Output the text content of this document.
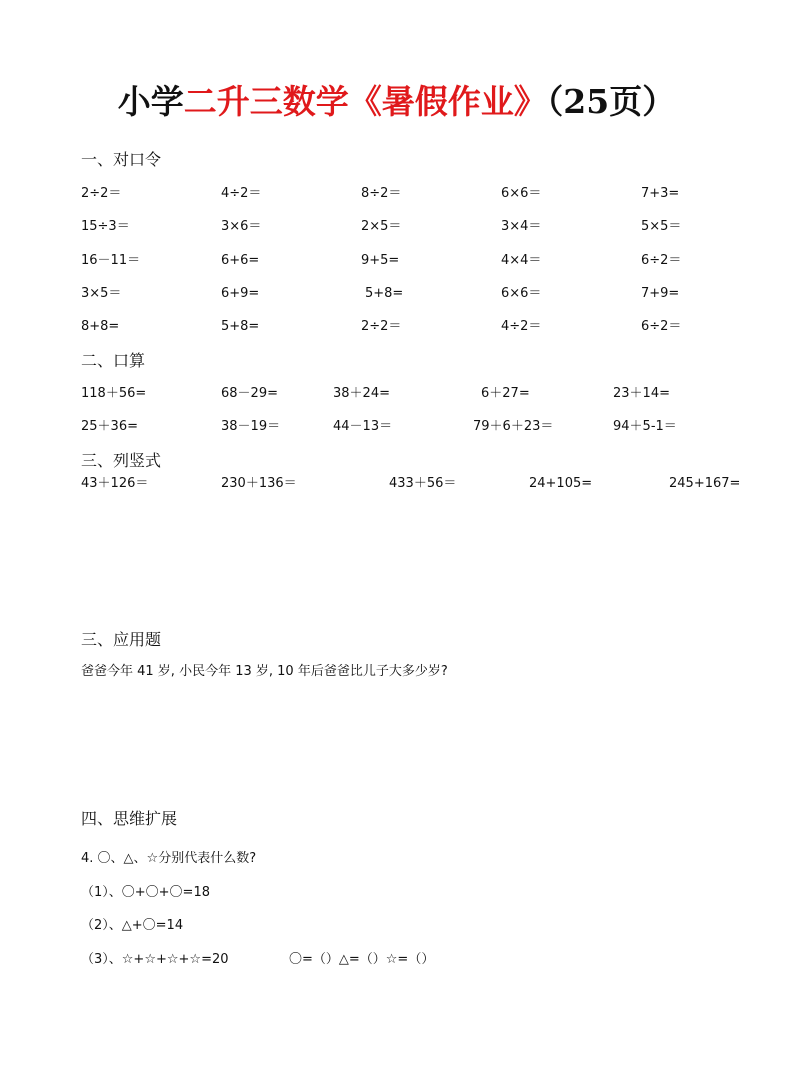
小学二升三数学《暑假作业》（25页）
一、对口令
2÷2＝	4÷2＝	8÷2＝	6×6＝	7+3=
15÷3＝	3×6＝	2×5＝	3×4＝	5×5＝
16－11＝	6+6=	9+5=	4×4＝	6÷2＝
3×5＝	6+9=	5+8=	6×6＝	7+9=
8+8=	5+8=	2÷2＝	4÷2＝	6÷2＝
二、口算
118＋56=	68－29=	38＋24=	6＋27=	23＋14=
25＋36=	38－19＝	44－13＝	79＋6＋23＝	94＋5-1＝
三、列竖式
43＋126＝	230＋136＝	433＋56＝	24+105=	245+167=
三、应用题
爸爸今年 41 岁, 小民今年 13 岁, 10 年后爸爸比儿子大多少岁?
四、思维扩展
4. 〇、△、☆分别代表什么数?
（1）、〇+〇+〇=18
（2）、△+〇=14
（3）、☆+☆+☆+☆=20	〇=（）△=（）☆=（）
